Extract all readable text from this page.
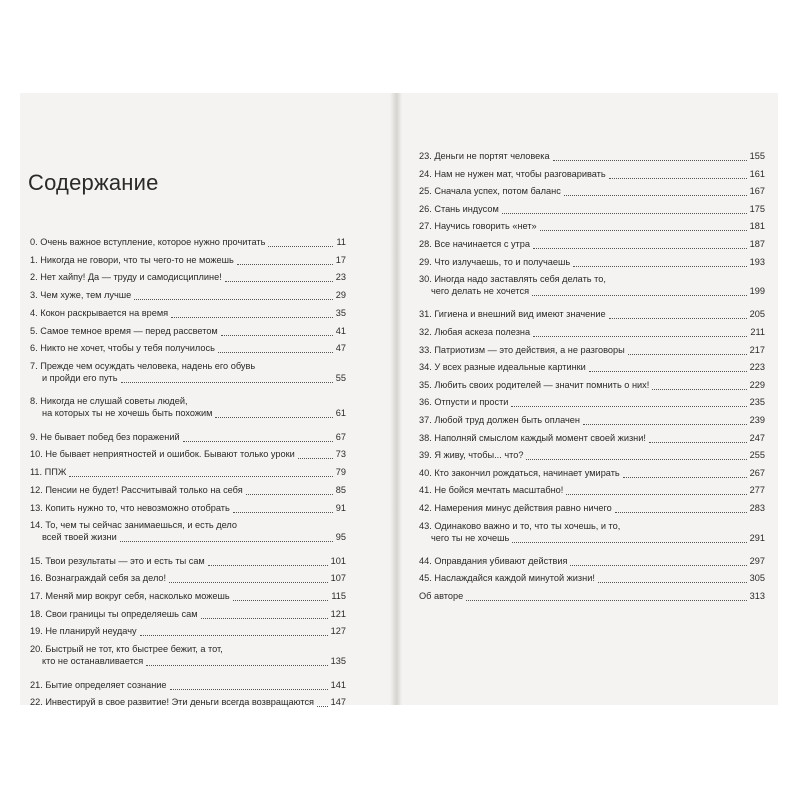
Содержание
0. Очень важное вступление, которое нужно прочитать	11
1. Никогда не говори, что ты чего-то не можешь	17
2. Нет хайпу! Да — труду и самодисциплине!	23
3. Чем хуже, тем лучше	29
4. Кокон раскрывается на время	35
5. Самое темное время — перед рассветом	41
6. Никто не хочет, чтобы у тебя получилось	47
7. Прежде чем осуждать человека, надень его обувь
и пройди его путь	55
8. Никогда не слушай советы людей,
на которых ты не хочешь быть похожим	61
9. Не бывает побед без поражений	67
10. Не бывает неприятностей и ошибок. Бывают только уроки	73
11. ППЖ	79
12. Пенсии не будет! Рассчитывай только на себя	85
13. Копить нужно то, что невозможно отобрать	91
14. То, чем ты сейчас занимаешься, и есть дело
всей твоей жизни	95
15. Твои результаты — это и есть ты сам	101
16. Вознаграждай себя за дело!	107
17. Меняй мир вокруг себя, насколько можешь	115
18. Свои границы ты определяешь сам	121
19. Не планируй неудачу	127
20. Быстрый не тот, кто быстрее бежит, а тот,
кто не останавливается	135
21. Бытие определяет сознание	141
22. Инвестируй в свое развитие! Эти деньги всегда возвращаются 147
23. Деньги не портят человека	155
24. Нам не нужен мат, чтобы разговаривать	161
25. Сначала успех, потом баланс	167
26. Стань индусом	175
27. Научись говорить «нет»	181
28. Все начинается с утра	187
29. Что излучаешь, то и получаешь	193
30. Иногда надо заставлять себя делать то,
чего делать не хочется	199
31. Гигиена и внешний вид имеют значение	205
32. Любая аскеза полезна	211
33. Патриотизм — это действия, а не разговоры	217
34. У всех разные идеальные картинки	223
35. Любить своих родителей — значит помнить о них!	229
36. Отпусти и прости	235
37. Любой труд должен быть оплачен	239
38. Наполняй смыслом каждый момент своей жизни!	247
39. Я живу, чтобы... что?	255
40. Кто закончил рождаться, начинает умирать	267
41. Не бойся мечтать масштабно!	277
42. Намерения минус действия равно ничего	283
43. Одинаково важно и то, что ты хочешь, и то,
чего ты не хочешь	291
44. Оправдания убивают действия	297
45. Наслаждайся каждой минутой жизни!	305
Об авторе	313
